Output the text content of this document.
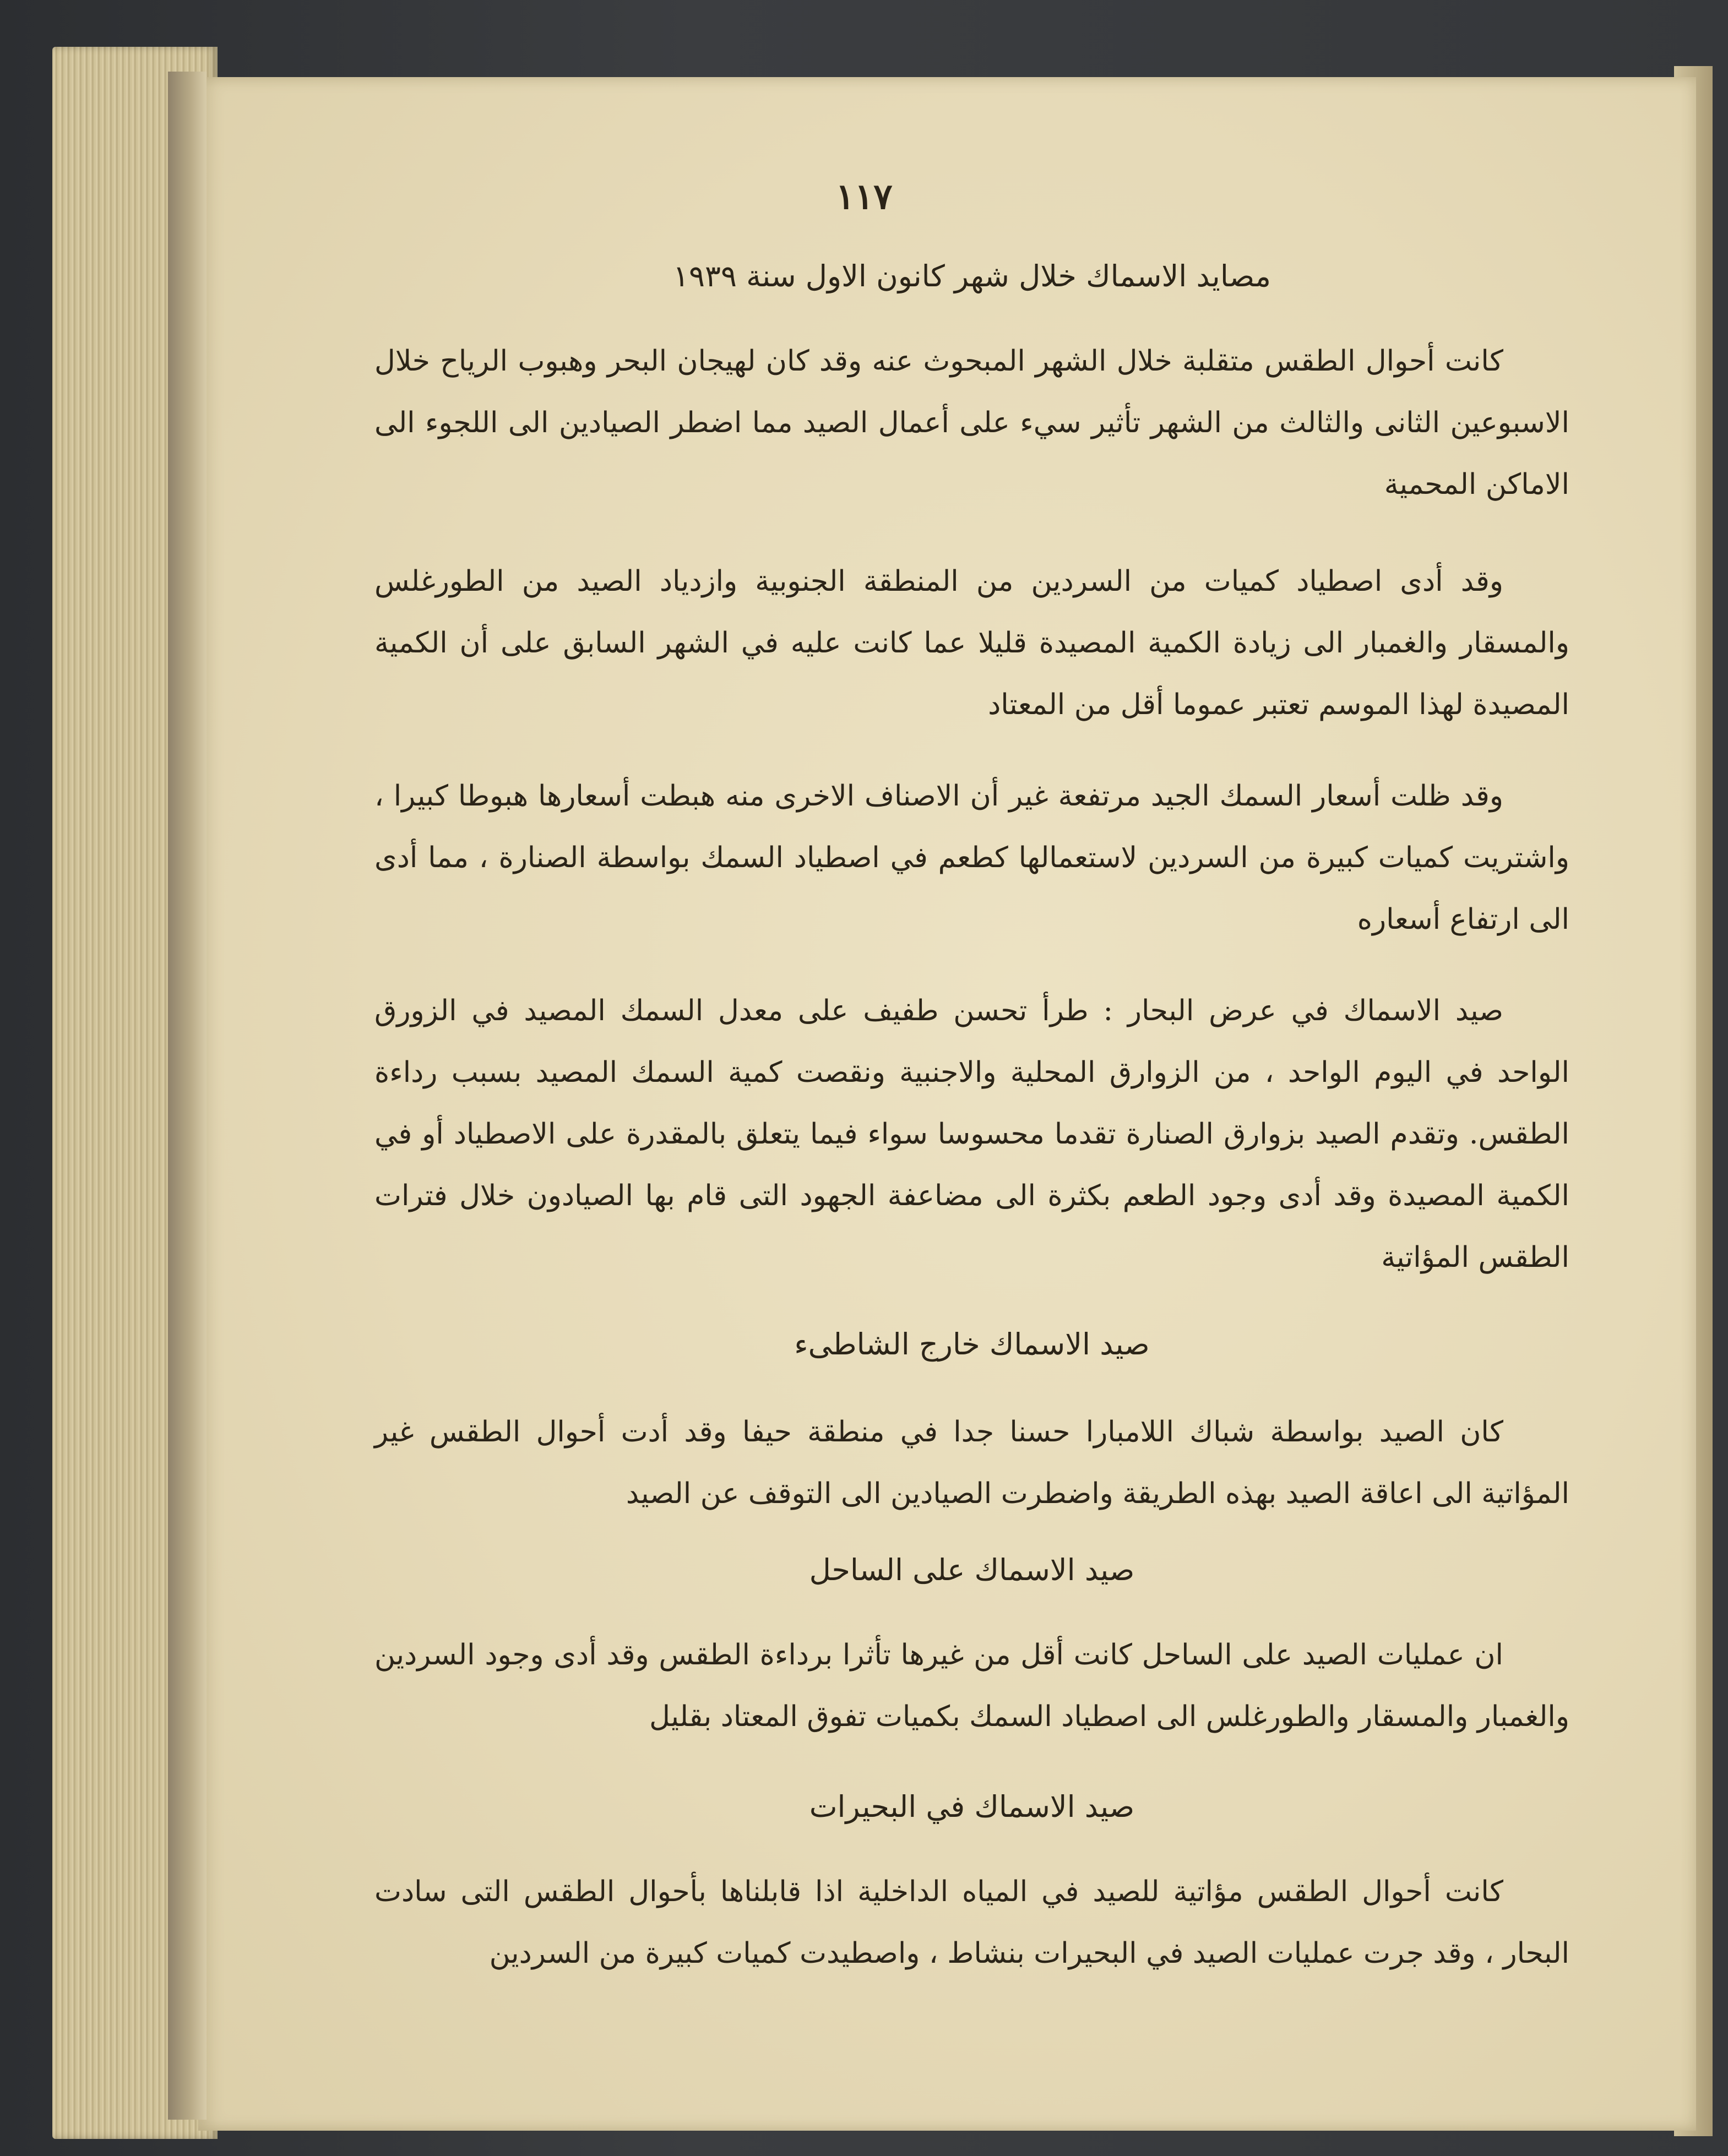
١١٧
مصايد الاسماك خلال شهر كانون الاول سنة ١٩٣٩

كانت أحوال الطقس متقلبة خلال الشهر المبحوث عنه وقد كان لهيجان البحر وهبوب الرياح خلال الاسبوعين الثانى والثالث من الشهر تأثير سيء على أعمال الصيد مما اضطر الصيادين الى اللجوء الى الاماكن المحمية

وقد أدى اصطياد كميات من السردين من المنطقة الجنوبية وازدياد الصيد من الطورغلس والمسقار والغمبار الى زيادة الكمية المصيدة قليلا عما كانت عليه في الشهر السابق على أن الكمية المصيدة لهذا الموسم تعتبر عموما أقل من المعتاد

وقد ظلت أسعار السمك الجيد مرتفعة غير أن الاصناف الاخرى منه هبطت أسعارها هبوطا كبيرا ، واشتريت كميات كبيرة من السردين لاستعمالها كطعم في اصطياد السمك بواسطة الصنارة ، مما أدى الى ارتفاع أسعاره

صيد الاسماك في عرض البحار : طرأ تحسن طفيف على معدل السمك المصيد في الزورق الواحد في اليوم الواحد ، من الزوارق المحلية والاجنبية ونقصت كمية السمك المصيد بسبب رداءة الطقس. وتقدم الصيد بزوارق الصنارة تقدما محسوسا سواء فيما يتعلق بالمقدرة على الاصطياد أو في الكمية المصيدة وقد أدى وجود الطعم بكثرة الى مضاعفة الجهود التى قام بها الصيادون خلال فترات الطقس المؤاتية

صيد الاسماك خارج الشاطىء

كان الصيد بواسطة شباك اللامبارا حسنا جدا في منطقة حيفا وقد أدت أحوال الطقس غير المؤاتية الى اعاقة الصيد بهذه الطريقة واضطرت الصيادين الى التوقف عن الصيد

صيد الاسماك على الساحل

ان عمليات الصيد على الساحل كانت أقل من غيرها تأثرا برداءة الطقس وقد أدى وجود السردين والغمبار والمسقار والطورغلس الى اصطياد السمك بكميات تفوق المعتاد بقليل

صيد الاسماك في البحيرات

كانت أحوال الطقس مؤاتية للصيد في المياه الداخلية اذا قابلناها بأحوال الطقس التى سادت البحار ، وقد جرت عمليات الصيد في البحيرات بنشاط ، واصطيدت كميات كبيرة من السردين
